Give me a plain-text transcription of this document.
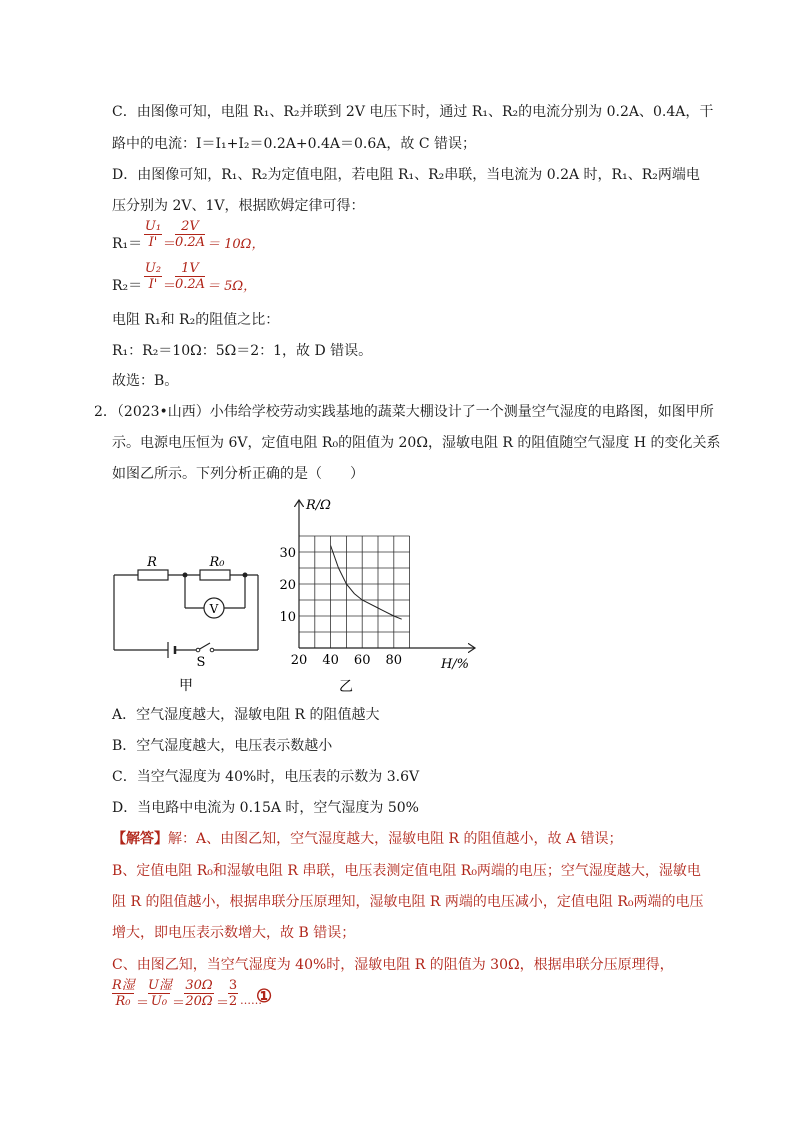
C．由图像可知，电阻 R₁、R₂并联到 2V 电压下时，通过 R₁、R₂的电流分别为 0.2A、0.4A，干
路中的电流：I＝I₁+I₂＝0.2A+0.4A＝0.6A，故 C 错误；
D．由图像可知，R₁、R₂为定值电阻，若电阻 R₁、R₂串联，当电流为 0.2A 时，R₁、R₂两端电
压分别为 2V、1V，根据欧姆定律可得：
R₁＝
U₁
I' ＝
2V
0.2A ＝ 10Ω，
R₂＝
U₂
I' ＝
1V
0.2A ＝ 5Ω，
电阻 R₁和 R₂的阻值之比：
R₁：R₂＝10Ω：5Ω＝2：1，故 D 错误。
故选：B。
2．（2023•山西）小伟给学校劳动实践基地的蔬菜大棚设计了一个测量空气湿度的电路图，如图甲所
示。电源电压恒为 6V，定值电阻 R₀的阻值为 20Ω，湿敏电阻 R 的阻值随空气湿度 H 的变化关系
如图乙所示。下列分析正确的是（　　）
R	R₀
V
S
甲
20 40 60 80
10
20
30
R/Ω
H/%
乙
A．空气湿度越大，湿敏电阻 R 的阻值越大
B．空气湿度越大，电压表示数越小
C．当空气湿度为 40%时，电压表的示数为 3.6V
D．当电路中电流为 0.15A 时，空气湿度为 50%
【解答】解：A、由图乙知，空气湿度越大，湿敏电阻 R 的阻值越小，故 A 错误；
B、定值电阻 R₀和湿敏电阻 R 串联，电压表测定值电阻 R₀两端的电压；空气湿度越大，湿敏电
阻 R 的阻值越小，根据串联分压原理知，湿敏电阻 R 两端的电压减小，定值电阻 R₀两端的电压
增大，即电压表示数增大，故 B 错误；
C、由图乙知，当空气湿度为 40%时，湿敏电阻 R 的阻值为 30Ω，根据串联分压原理得，
R湿
R₀ ＝
U湿
U₀ ＝
30Ω
20Ω ＝
3
2 ……
①
